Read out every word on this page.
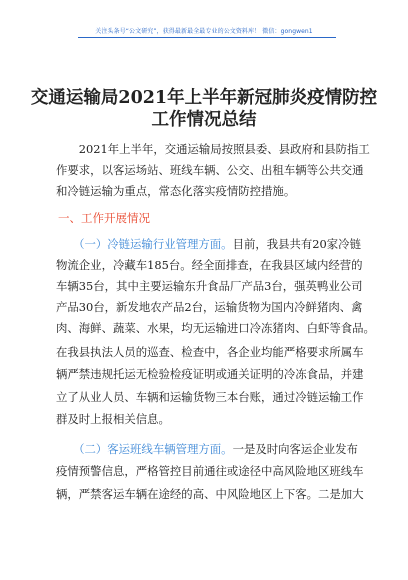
关注头条号“公文研究”，获得最新最全最专业的公文资料库！ 微信：gongwen1
交通运输局2021年上半年新冠肺炎疫情防控
工作情况总结
　　2021年上半年，交通运输局按照县委、县政府和县防指工
作要求，以客运场站、班线车辆、公交、出租车辆等公共交通
和冷链运输为重点，常态化落实疫情防控措施。
一、工作开展情况
　　（一）冷链运输行业管理方面。目前，我县共有20家冷链
物流企业，冷藏车185台。经全面排查，在我县区域内经营的
车辆35台，其中主要运输东升食品厂产品3台，强英鸭业公司
产品30台，新发地农产品2台，运输货物为国内冷鲜猪肉、禽
肉、海鲜、蔬菜、水果，均无运输进口冷冻猪肉、白虾等食品。
在我县执法人员的巡查、检查中，各企业均能严格要求所属车
辆严禁违规托运无检验检疫证明或通关证明的冷冻食品，并建
立了从业人员、车辆和运输货物三本台账，通过冷链运输工作
群及时上报相关信息。
　　（二）客运班线车辆管理方面。一是及时向客运企业发布
疫情预警信息，严格管控目前通往或途径中高风险地区班线车
辆，严禁客运车辆在途经的高、中风险地区上下客。二是加大
